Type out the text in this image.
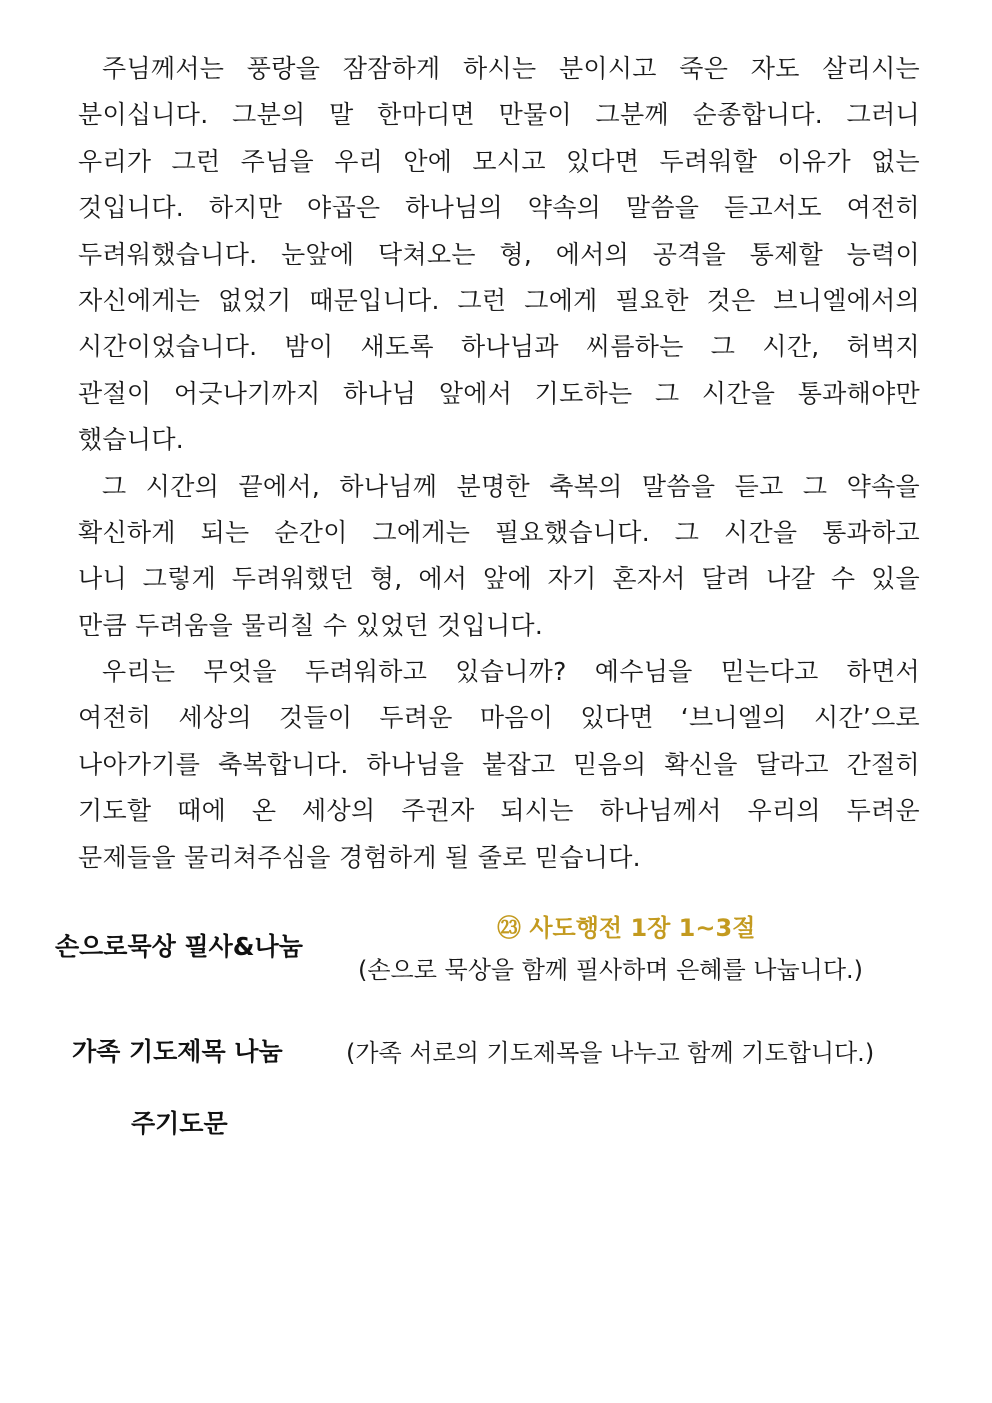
주님께서는 풍랑을 잠잠하게 하시는 분이시고 죽은 자도 살리시는
분이십니다. 그분의 말 한마디면 만물이 그분께 순종합니다. 그러니
우리가 그런 주님을 우리 안에 모시고 있다면 두려워할 이유가 없는
것입니다. 하지만 야곱은 하나님의 약속의 말씀을 듣고서도 여전히
두려워했습니다. 눈앞에 닥쳐오는 형, 에서의 공격을 통제할 능력이
자신에게는 없었기 때문입니다. 그런 그에게 필요한 것은 브니엘에서의
시간이었습니다. 밤이 새도록 하나님과 씨름하는 그 시간, 허벅지
관절이 어긋나기까지 하나님 앞에서 기도하는 그 시간을 통과해야만
했습니다.
그 시간의 끝에서, 하나님께 분명한 축복의 말씀을 듣고 그 약속을
확신하게 되는 순간이 그에게는 필요했습니다. 그 시간을 통과하고
나니 그렇게 두려워했던 형, 에서 앞에 자기 혼자서 달려 나갈 수 있을
만큼 두려움을 물리칠 수 있었던 것입니다.
우리는 무엇을 두려워하고 있습니까? 예수님을 믿는다고 하면서
여전히 세상의 것들이 두려운 마음이 있다면 ‘브니엘의 시간’으로
나아가기를 축복합니다. 하나님을 붙잡고 믿음의 확신을 달라고 간절히
기도할 때에 온 세상의 주권자 되시는 하나님께서 우리의 두려운
문제들을 물리쳐주심을 경험하게 될 줄로 믿습니다.
손으로묵상 필사&나눔
㉓ 사도행전 1장 1~3절
(손으로 묵상을 함께 필사하며 은혜를 나눕니다.)
가족 기도제목 나눔	(가족 서로의 기도제목을 나누고 함께 기도합니다.)
주기도문
